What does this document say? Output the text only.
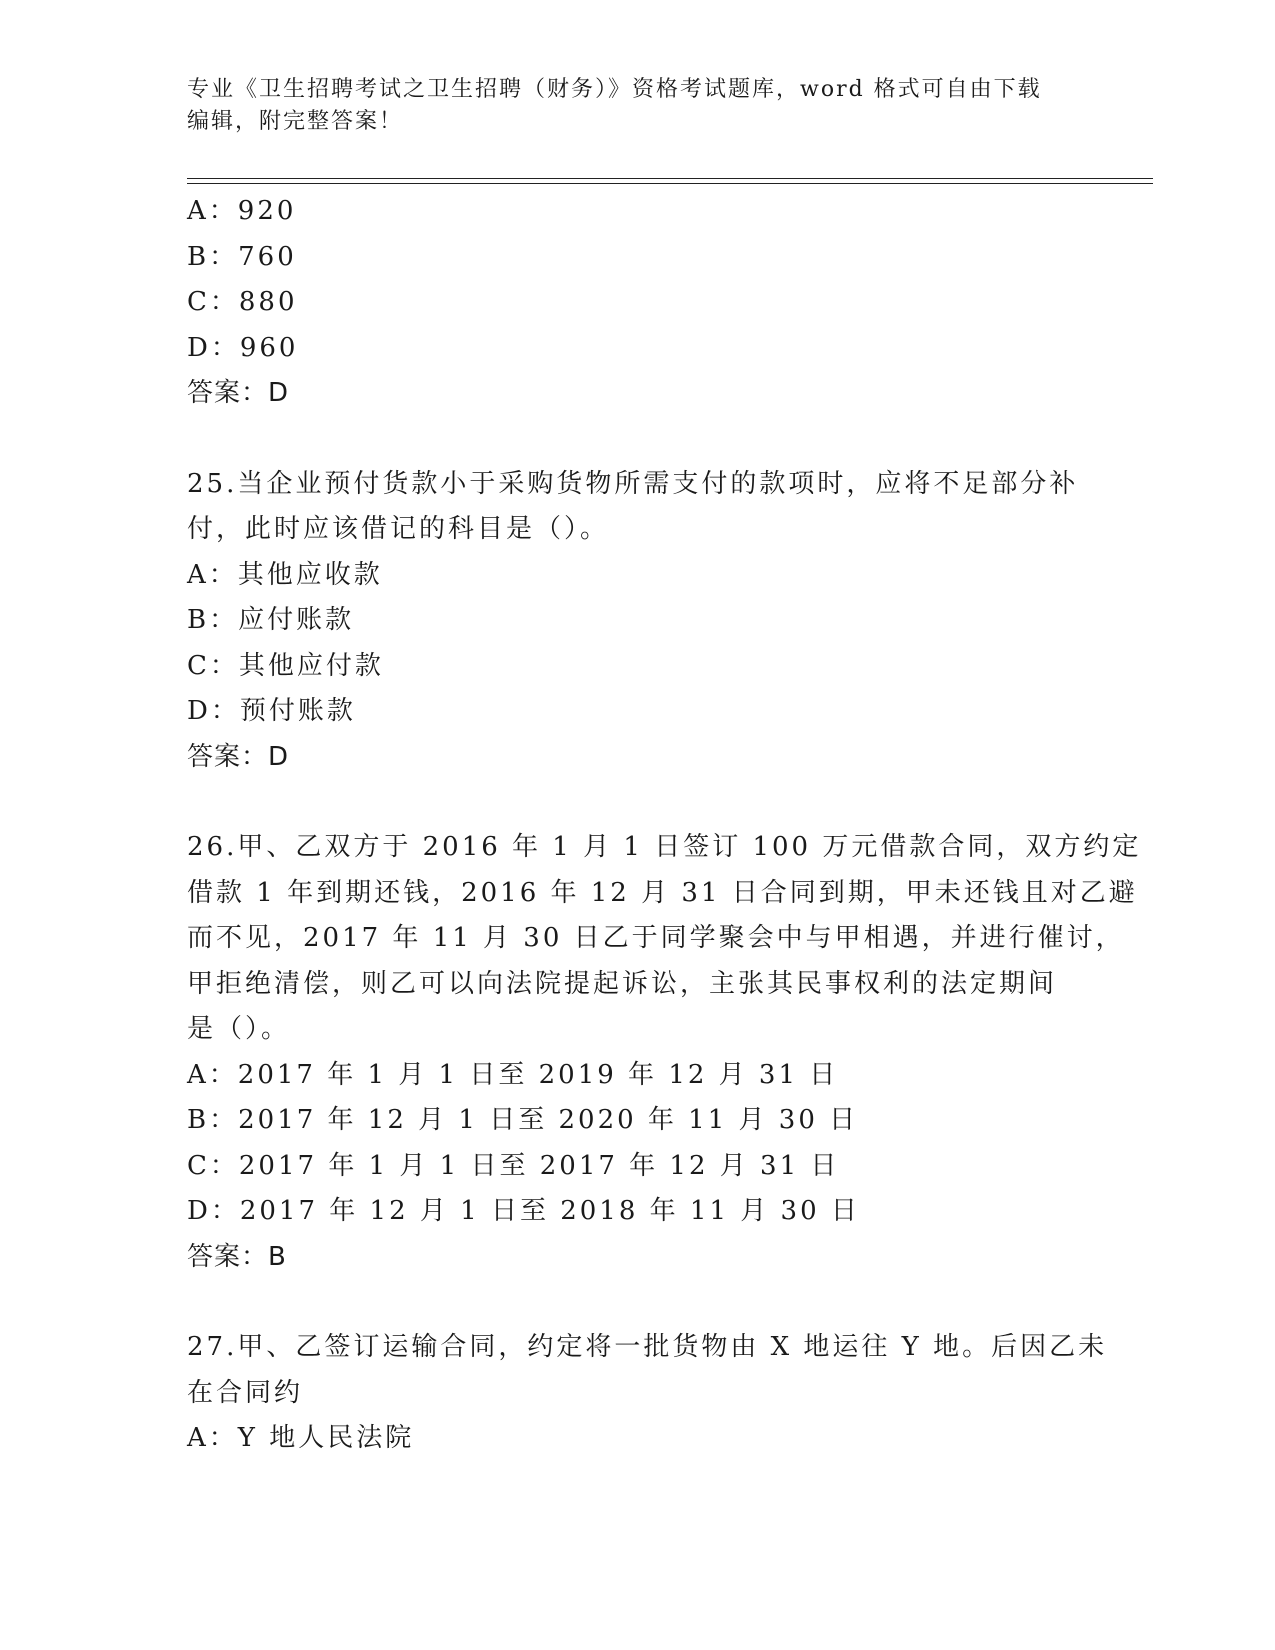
专业《卫生招聘考试之卫生招聘（财务）》资格考试题库，word 格式可自由下载
编辑，附完整答案！
A：920
B：760
C：880
D：960
答案：D
25.当企业预付货款小于采购货物所需支付的款项时，应将不足部分补
付，此时应该借记的科目是（）。
A：其他应收款
B：应付账款
C：其他应付款
D：预付账款
答案：D
26.甲、乙双方于 2016 年 1 月 1 日签订 100 万元借款合同，双方约定
借款 1 年到期还钱，2016 年 12 月 31 日合同到期，甲未还钱且对乙避
而不见，2017 年 11 月 30 日乙于同学聚会中与甲相遇，并进行催讨，
甲拒绝清偿，则乙可以向法院提起诉讼，主张其民事权利的法定期间
是（）。
A：2017 年 1 月 1 日至 2019 年 12 月 31 日
B：2017 年 12 月 1 日至 2020 年 11 月 30 日
C：2017 年 1 月 1 日至 2017 年 12 月 31 日
D：2017 年 12 月 1 日至 2018 年 11 月 30 日
答案：B
27.甲、乙签订运输合同，约定将一批货物由 X 地运往 Y 地。后因乙未
在合同约
A：Y 地人民法院
